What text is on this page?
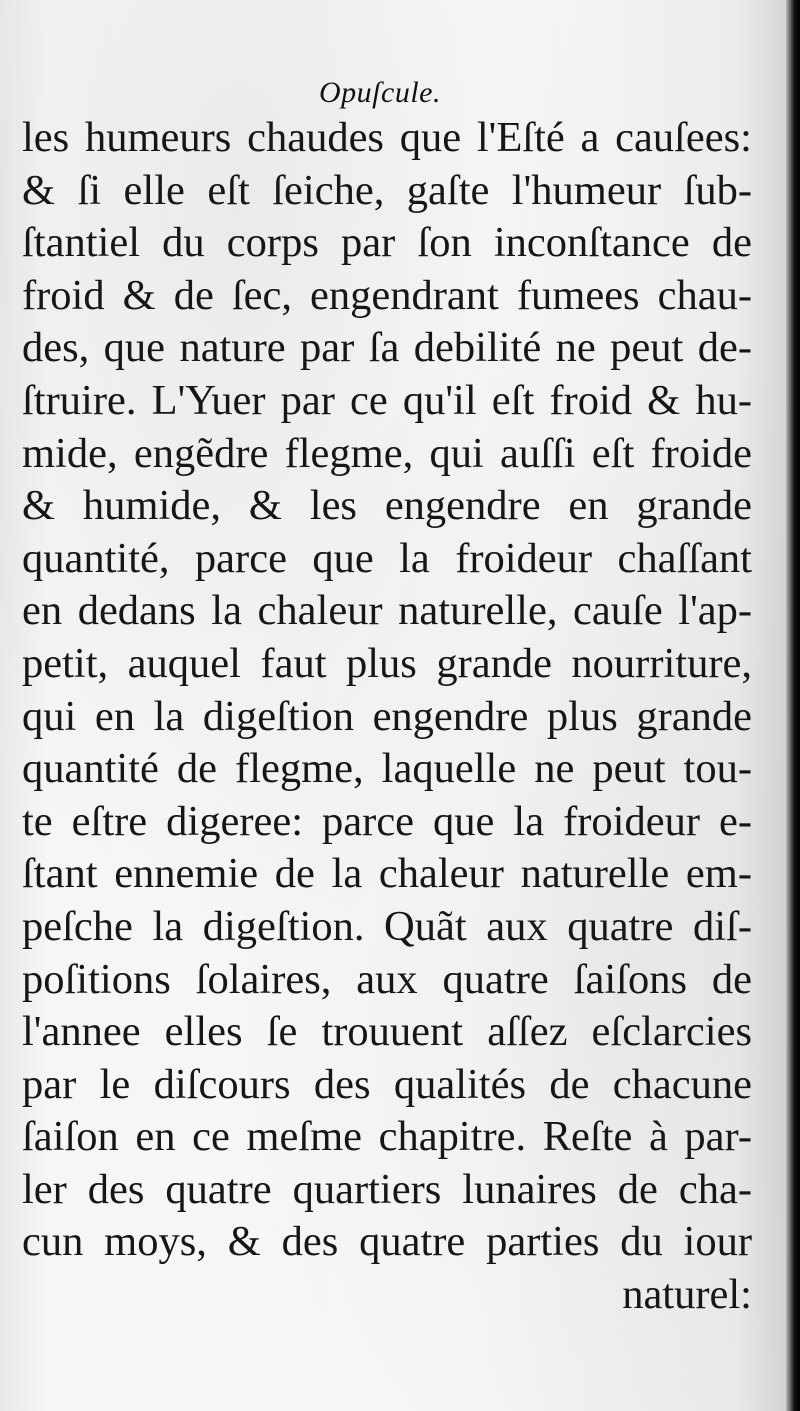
Opuſcule.
les humeurs chaudes que l'Eſté a cauſees:
& ſi elle eſt ſeiche, gaſte l'humeur ſub-
ſtantiel du corps par ſon inconſtance de
froid & de ſec, engendrant fumees chau-
des, que nature par ſa debilité ne peut de-
ſtruire. L'Yuer par ce qu'il eſt froid & hu-
mide, engẽdre flegme, qui auſſi eſt froide
& humide, & les engendre en grande
quantité, parce que la froideur chaſſant
en dedans la chaleur naturelle, cauſe l'ap-
petit, auquel faut plus grande nourriture,
qui en la digeſtion engendre plus grande
quantité de flegme, laquelle ne peut tou-
te eſtre digeree: parce que la froideur e-
ſtant ennemie de la chaleur naturelle em-
peſche la digeſtion. Quãt aux quatre diſ-
poſitions ſolaires, aux quatre ſaiſons de
l'annee elles ſe trouuent aſſez eſclarcies
par le diſcours des qualités de chacune
ſaiſon en ce meſme chapitre. Reſte à par-
ler des quatre quartiers lunaires de cha-
cun moys, & des quatre parties du iour
naturel:
